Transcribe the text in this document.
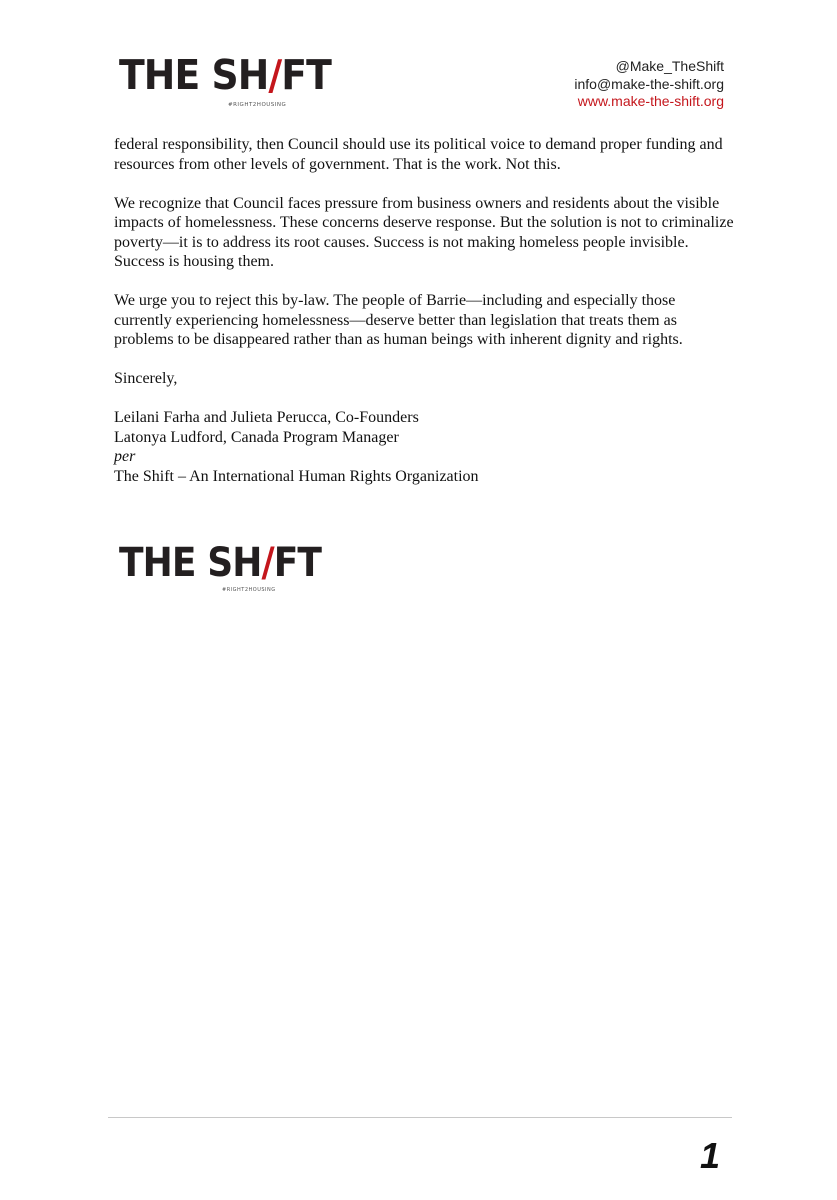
THE SH/FT
#RIGHT2HOUSING
@Make_TheShift
info@make-the-shift.org
www.make-the-shift.org

federal responsibility, then Council should use its political voice to demand proper funding and resources from other levels of government. That is the work. Not this.

We recognize that Council faces pressure from business owners and residents about the visible impacts of homelessness. These concerns deserve response. But the solution is not to criminalize poverty—it is to address its root causes. Success is not making homeless people invisible. Success is housing them.

We urge you to reject this by-law. The people of Barrie—including and especially those currently experiencing homelessness—deserve better than legislation that treats them as problems to be disappeared rather than as human beings with inherent dignity and rights.

Sincerely,

Leilani Farha and Julieta Perucca, Co-Founders

Latonya Ludford, Canada Program Manager

per

The Shift – An International Human Rights Organization

THE SH/FT
#RIGHT2HOUSING
1
